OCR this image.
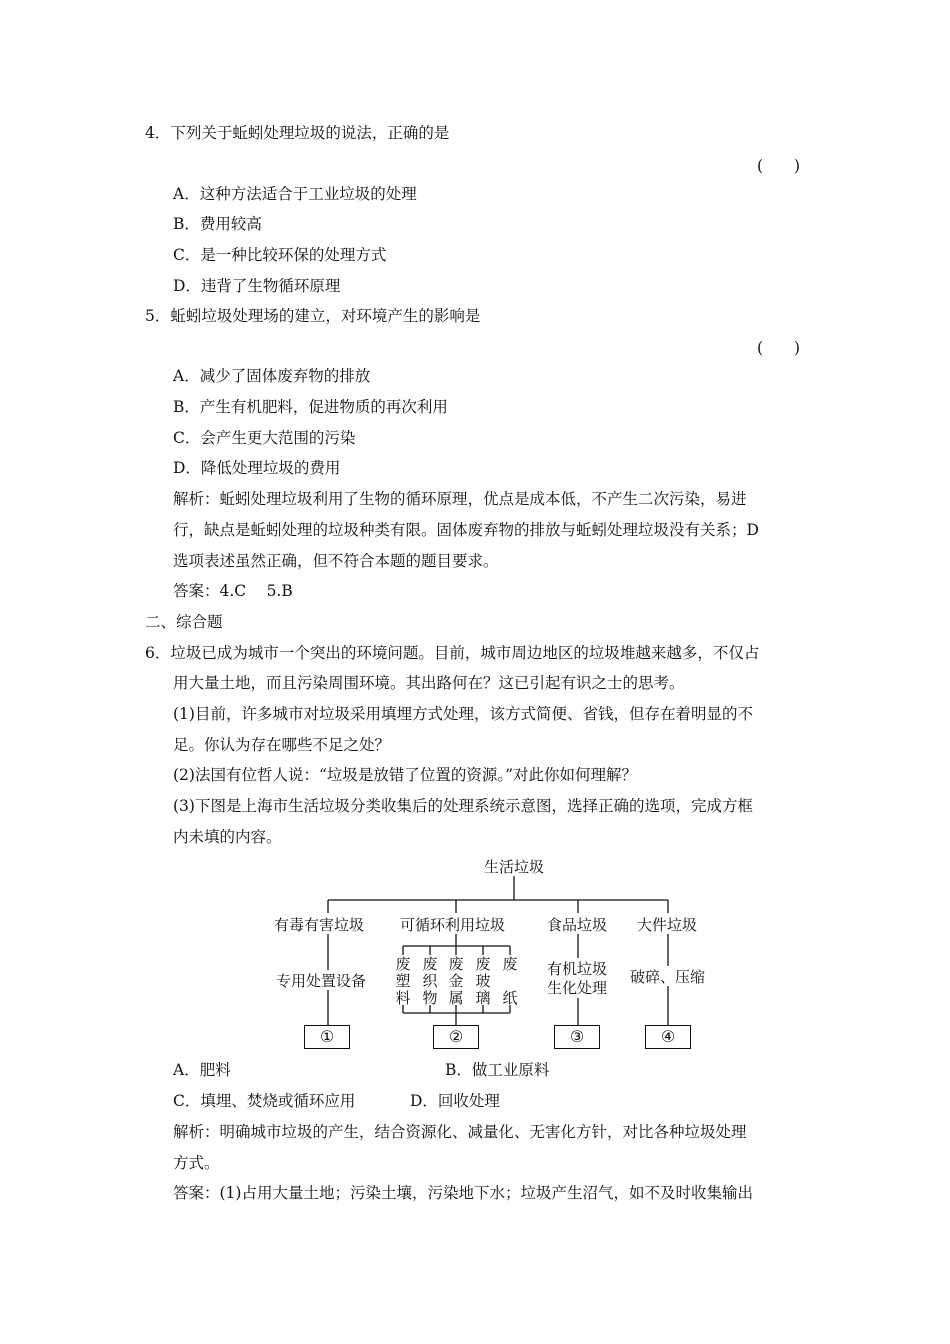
4．下列关于蚯蚓处理垃圾的说法，正确的是
(　　)
A．这种方法适合于工业垃圾的处理
B．费用较高
C．是一种比较环保的处理方式
D．违背了生物循环原理
5．蚯蚓垃圾处理场的建立，对环境产生的影响是
(　　)
A．减少了固体废弃物的排放
B．产生有机肥料，促进物质的再次利用
C．会产生更大范围的污染
D．降低处理垃圾的费用
解析：蚯蚓处理垃圾利用了生物的循环原理，优点是成本低，不产生二次污染，易进
行，缺点是蚯蚓处理的垃圾种类有限。固体废弃物的排放与蚯蚓处理垃圾没有关系；D
选项表述虽然正确，但不符合本题的题目要求。
答案：4.C　 5.B
二、综合题
6．垃圾已成为城市一个突出的环境问题。目前，城市周边地区的垃圾堆越来越多，不仅占
用大量土地，而且污染周围环境。其出路何在？这已引起有识之士的思考。
(1)目前，许多城市对垃圾采用填埋方式处理，该方式简便、省钱，但存在着明显的不
足。你认为存在哪些不足之处？
(2)法国有位哲人说：“垃圾是放错了位置的资源。”对此你如何理解？
(3)下图是上海市生活垃圾分类收集后的处理系统示意图，选择正确的选项，完成方框
内未填的内容。
生活垃圾
有毒有害垃圾 可循环利用垃圾	食品垃圾 大件垃圾
专用处置设备
废
塑
料
废
织
物
废
金
属
废
玻
璃
废
纸
有机垃圾
生化处理
破碎、压缩
①	②	③	④
A．肥料	B．做工业原料
C．填埋、焚烧或循环应用	D．回收处理
解析：明确城市垃圾的产生，结合资源化、减量化、无害化方针，对比各种垃圾处理
方式。
答案：(1)占用大量土地；污染土壤，污染地下水；垃圾产生沼气，如不及时收集输出
